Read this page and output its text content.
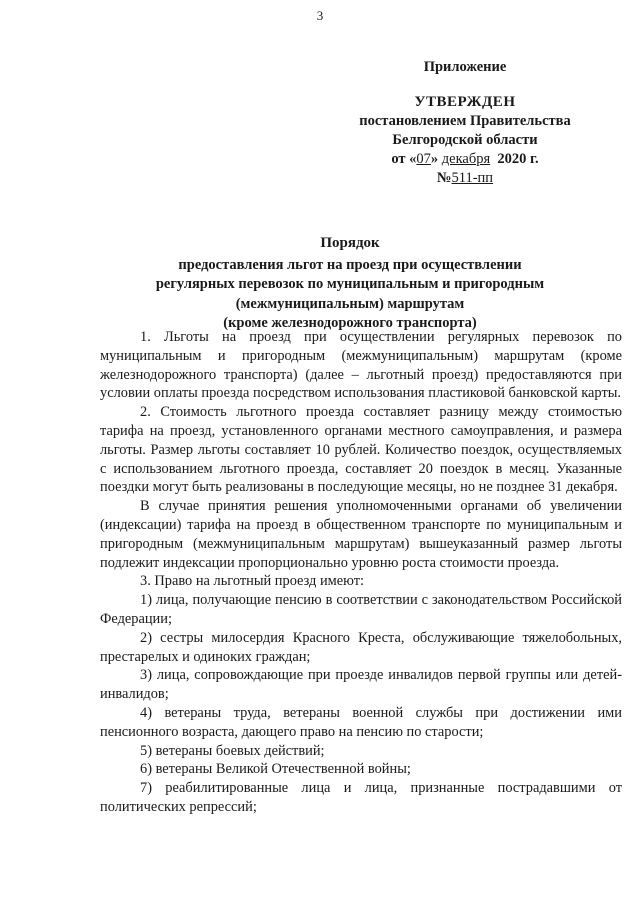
3
Приложение
УТВЕРЖДЕН
постановлением Правительства
Белгородской области
от «07» декабря 2020 г.
№511-пп
Порядок
предоставления льгот на проезд при осуществлении
регулярных перевозок по муниципальным и пригородным
(межмуниципальным) маршрутам
(кроме железнодорожного транспорта)

1. Льготы на проезд при осуществлении регулярных перевозок по муниципальным и пригородным (межмуниципальным) маршрутам (кроме железнодорожного транспорта) (далее – льготный проезд) предоставляются при условии оплаты проезда посредством использования пластиковой банковской карты.

2. Стоимость льготного проезда составляет разницу между стоимостью тарифа на проезд, установленного органами местного самоуправления, и размера льготы. Размер льготы составляет 10 рублей. Количество поездок, осуществляемых с использованием льготного проезда, составляет 20 поездок в месяц. Указанные поездки могут быть реализованы в последующие месяцы, но не позднее 31 декабря.

В случае принятия решения уполномоченными органами об увеличении (индексации) тарифа на проезд в общественном транспорте по муниципальным и пригородным (межмуниципальным маршрутам) вышеуказанный размер льготы подлежит индексации пропорционально уровню роста стоимости проезда.

3. Право на льготный проезд имеют:

1) лица, получающие пенсию в соответствии с законодательством Российской Федерации;

2) сестры милосердия Красного Креста, обслуживающие тяжелобольных, престарелых и одиноких граждан;

3) лица, сопровождающие при проезде инвалидов первой группы или детей-инвалидов;

4) ветераны труда, ветераны военной службы при достижении ими пенсионного возраста, дающего право на пенсию по старости;

5) ветераны боевых действий;

6) ветераны Великой Отечественной войны;

7) реабилитированные лица и лица, признанные пострадавшими от политических репрессий;
